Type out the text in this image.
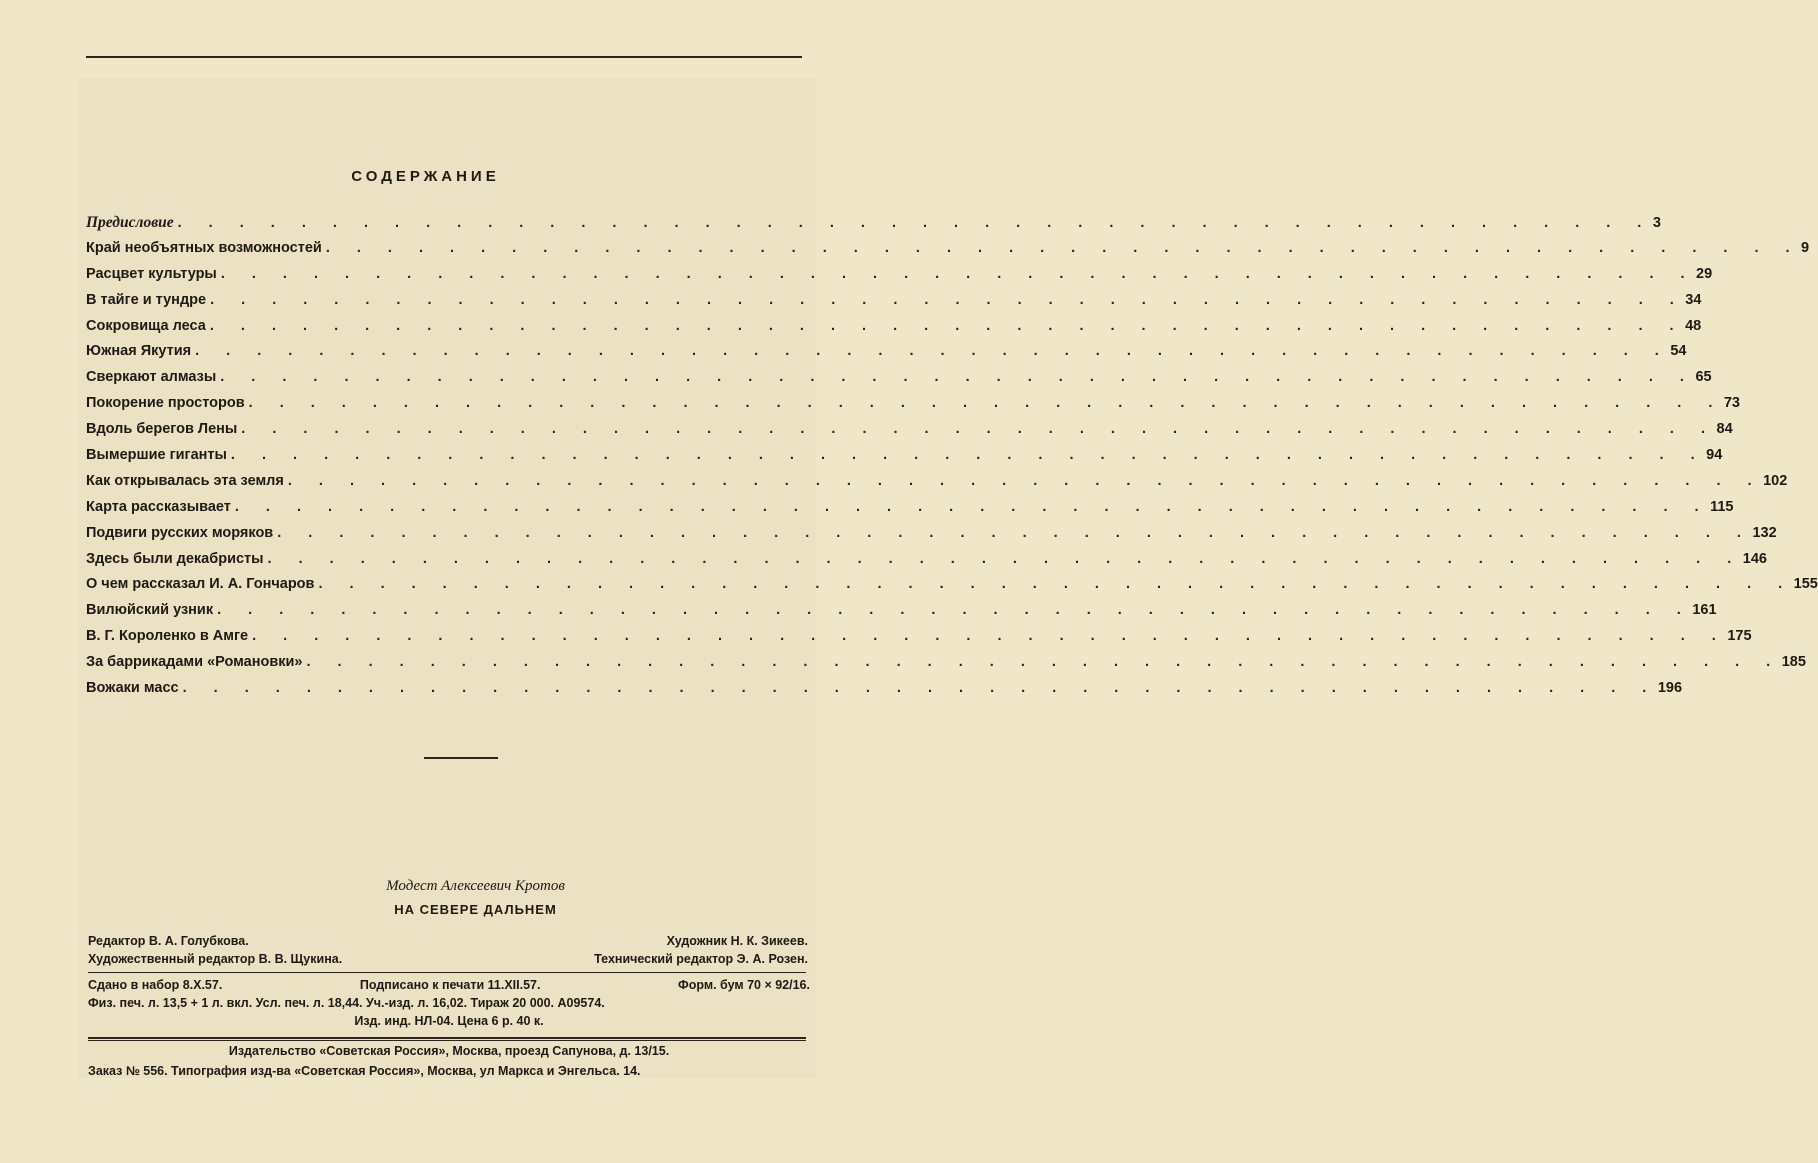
СОДЕРЖАНИЕ
Предисловие . . . . . . . . . . . . . . . . . . . . . . . . . . . . . . . . . . . . . . . . . . . . . . . . 3
Край необъятных возможностей . . . . . . . . . . . . . . . . . . . . . . . . . . . . . . . . . . . . . . . . . . . . . . . . 9
Расцвет культуры . . . . . . . . . . . . . . . . . . . . . . . . . . . . . . . . . . . . . . . . . . . . . . . . 29
В тайге и тундре . . . . . . . . . . . . . . . . . . . . . . . . . . . . . . . . . . . . . . . . . . . . . . . . 34
Сокровища леса . . . . . . . . . . . . . . . . . . . . . . . . . . . . . . . . . . . . . . . . . . . . . . . . 48
Южная Якутия . . . . . . . . . . . . . . . . . . . . . . . . . . . . . . . . . . . . . . . . . . . . . . . . 54
Сверкают алмазы . . . . . . . . . . . . . . . . . . . . . . . . . . . . . . . . . . . . . . . . . . . . . . . . 65
Покорение просторов . . . . . . . . . . . . . . . . . . . . . . . . . . . . . . . . . . . . . . . . . . . . . . . . 73
Вдоль берегов Лены . . . . . . . . . . . . . . . . . . . . . . . . . . . . . . . . . . . . . . . . . . . . . . . . 84
Вымершие гиганты . . . . . . . . . . . . . . . . . . . . . . . . . . . . . . . . . . . . . . . . . . . . . . . . 94
Как открывалась эта земля . . . . . . . . . . . . . . . . . . . . . . . . . . . . . . . . . . . . . . . . . . . . . . . . 102
Карта рассказывает . . . . . . . . . . . . . . . . . . . . . . . . . . . . . . . . . . . . . . . . . . . . . . . . 115
Подвиги русских моряков . . . . . . . . . . . . . . . . . . . . . . . . . . . . . . . . . . . . . . . . . . . . . . . . 132
Здесь были декабристы . . . . . . . . . . . . . . . . . . . . . . . . . . . . . . . . . . . . . . . . . . . . . . . . 146
О чем рассказал И. А. Гончаров . . . . . . . . . . . . . . . . . . . . . . . . . . . . . . . . . . . . . . . . . . . . . . . . 155
Вилюйский узник . . . . . . . . . . . . . . . . . . . . . . . . . . . . . . . . . . . . . . . . . . . . . . . . 161
В. Г. Короленко в Амге . . . . . . . . . . . . . . . . . . . . . . . . . . . . . . . . . . . . . . . . . . . . . . . . 175
За баррикадами «Романовки» . . . . . . . . . . . . . . . . . . . . . . . . . . . . . . . . . . . . . . . . . . . . . . . . 185
Вожаки масс . . . . . . . . . . . . . . . . . . . . . . . . . . . . . . . . . . . . . . . . . . . . . . . . 196
Модест Алексеевич Кротов
НА СЕВЕРЕ ДАЛЬНЕМ
Редактор В. А. Голубкова.	Художник Н. К. Зикеев.
Художественный редактор В. В. Щукина.	Технический редактор Э. А. Розен.
Сдано в набор 8.X.57.	Подписано к печати 11.XII.57.	Форм. бум 70 × 92/16.
Физ. печ. л. 13,5 + 1 л. вкл. Усл. печ. л. 18,44. Уч.-изд. л. 16,02. Тираж 20 000. А09574.
Изд. инд. НЛ-04. Цена 6 р. 40 к.
Издательство «Советская Россия», Москва, проезд Сапунова, д. 13/15.
Заказ № 556. Типография изд-ва «Советская Россия», Москва, ул Маркса и Энгельса. 14.
